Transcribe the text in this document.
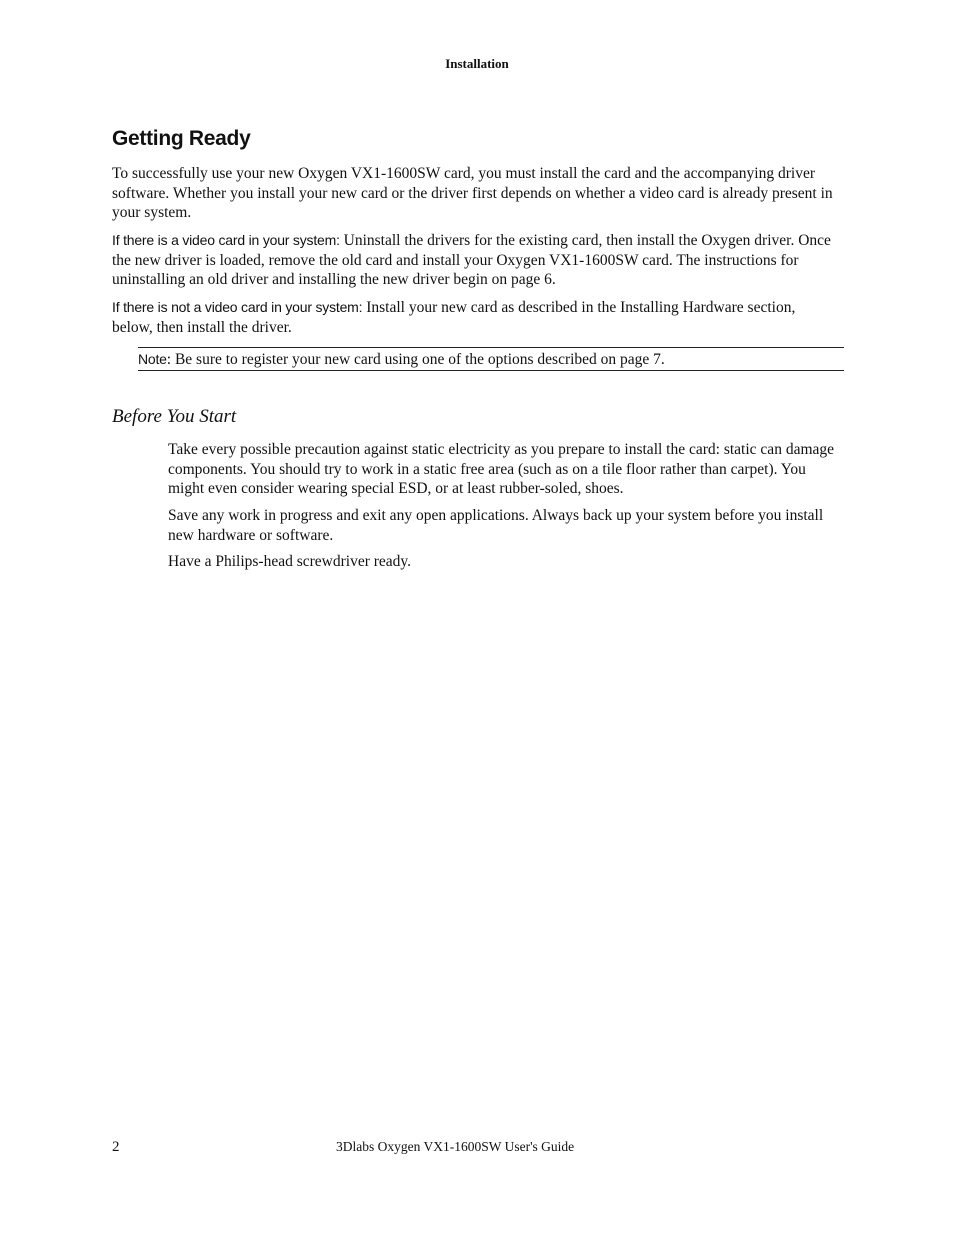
Installation
Getting Ready

To successfully use your new Oxygen VX1-1600SW card, you must install the card and the accompanying driver software. Whether you install your new card or the driver first depends on whether a video card is already present in your system.

If there is a video card in your system: Uninstall the drivers for the existing card, then install the Oxygen driver. Once the new driver is loaded, remove the old card and install your Oxygen VX1-1600SW card. The instructions for uninstalling an old driver and installing the new driver begin on page 6.

If there is not a video card in your system: Install your new card as described in the Installing Hardware section, below, then install the driver.

Note: Be sure to register your new card using one of the options described on page 7.
Before You Start

Take every possible precaution against static electricity as you prepare to install the card: static can damage components. You should try to work in a static free area (such as on a tile floor rather than carpet). You might even consider wearing special ESD, or at least rubber-soled, shoes.

Save any work in progress and exit any open applications. Always back up your system before you install new hardware or software.

Have a Philips-head screwdriver ready.

2	3Dlabs Oxygen VX1-1600SW User's Guide
